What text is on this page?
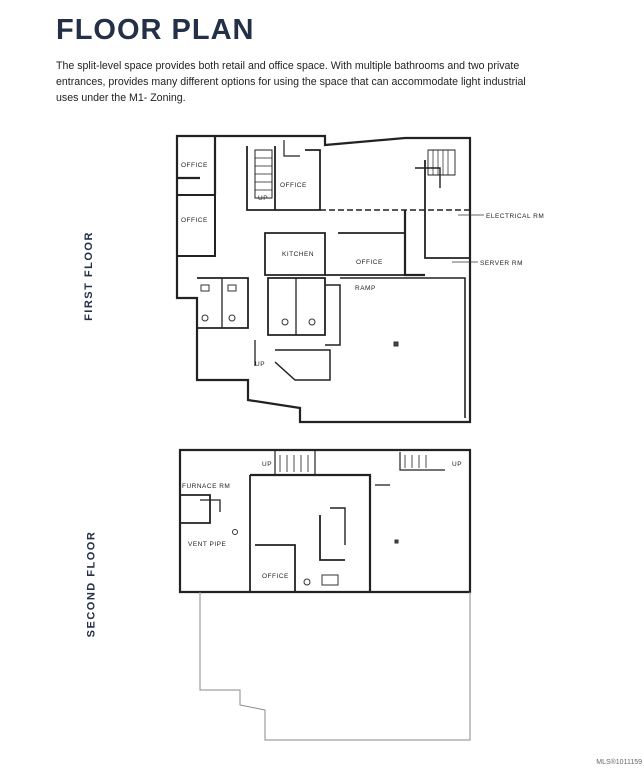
FLOOR PLAN
The split-level space provides both retail and office space. With multiple bathrooms and two private entrances, provides many different options for using the space that can accommodate light industrial uses under the M1- Zoning.
FIRST FLOOR
SECOND FLOOR
OFFICE
OFFICE
OFFICE
KITCHEN
OFFICE
RAMP
UP
UP
ELECTRICAL RM
SERVER RM
UP	UP
FURNACE RM
VENT PIPE
OFFICE
MLS®1011159
